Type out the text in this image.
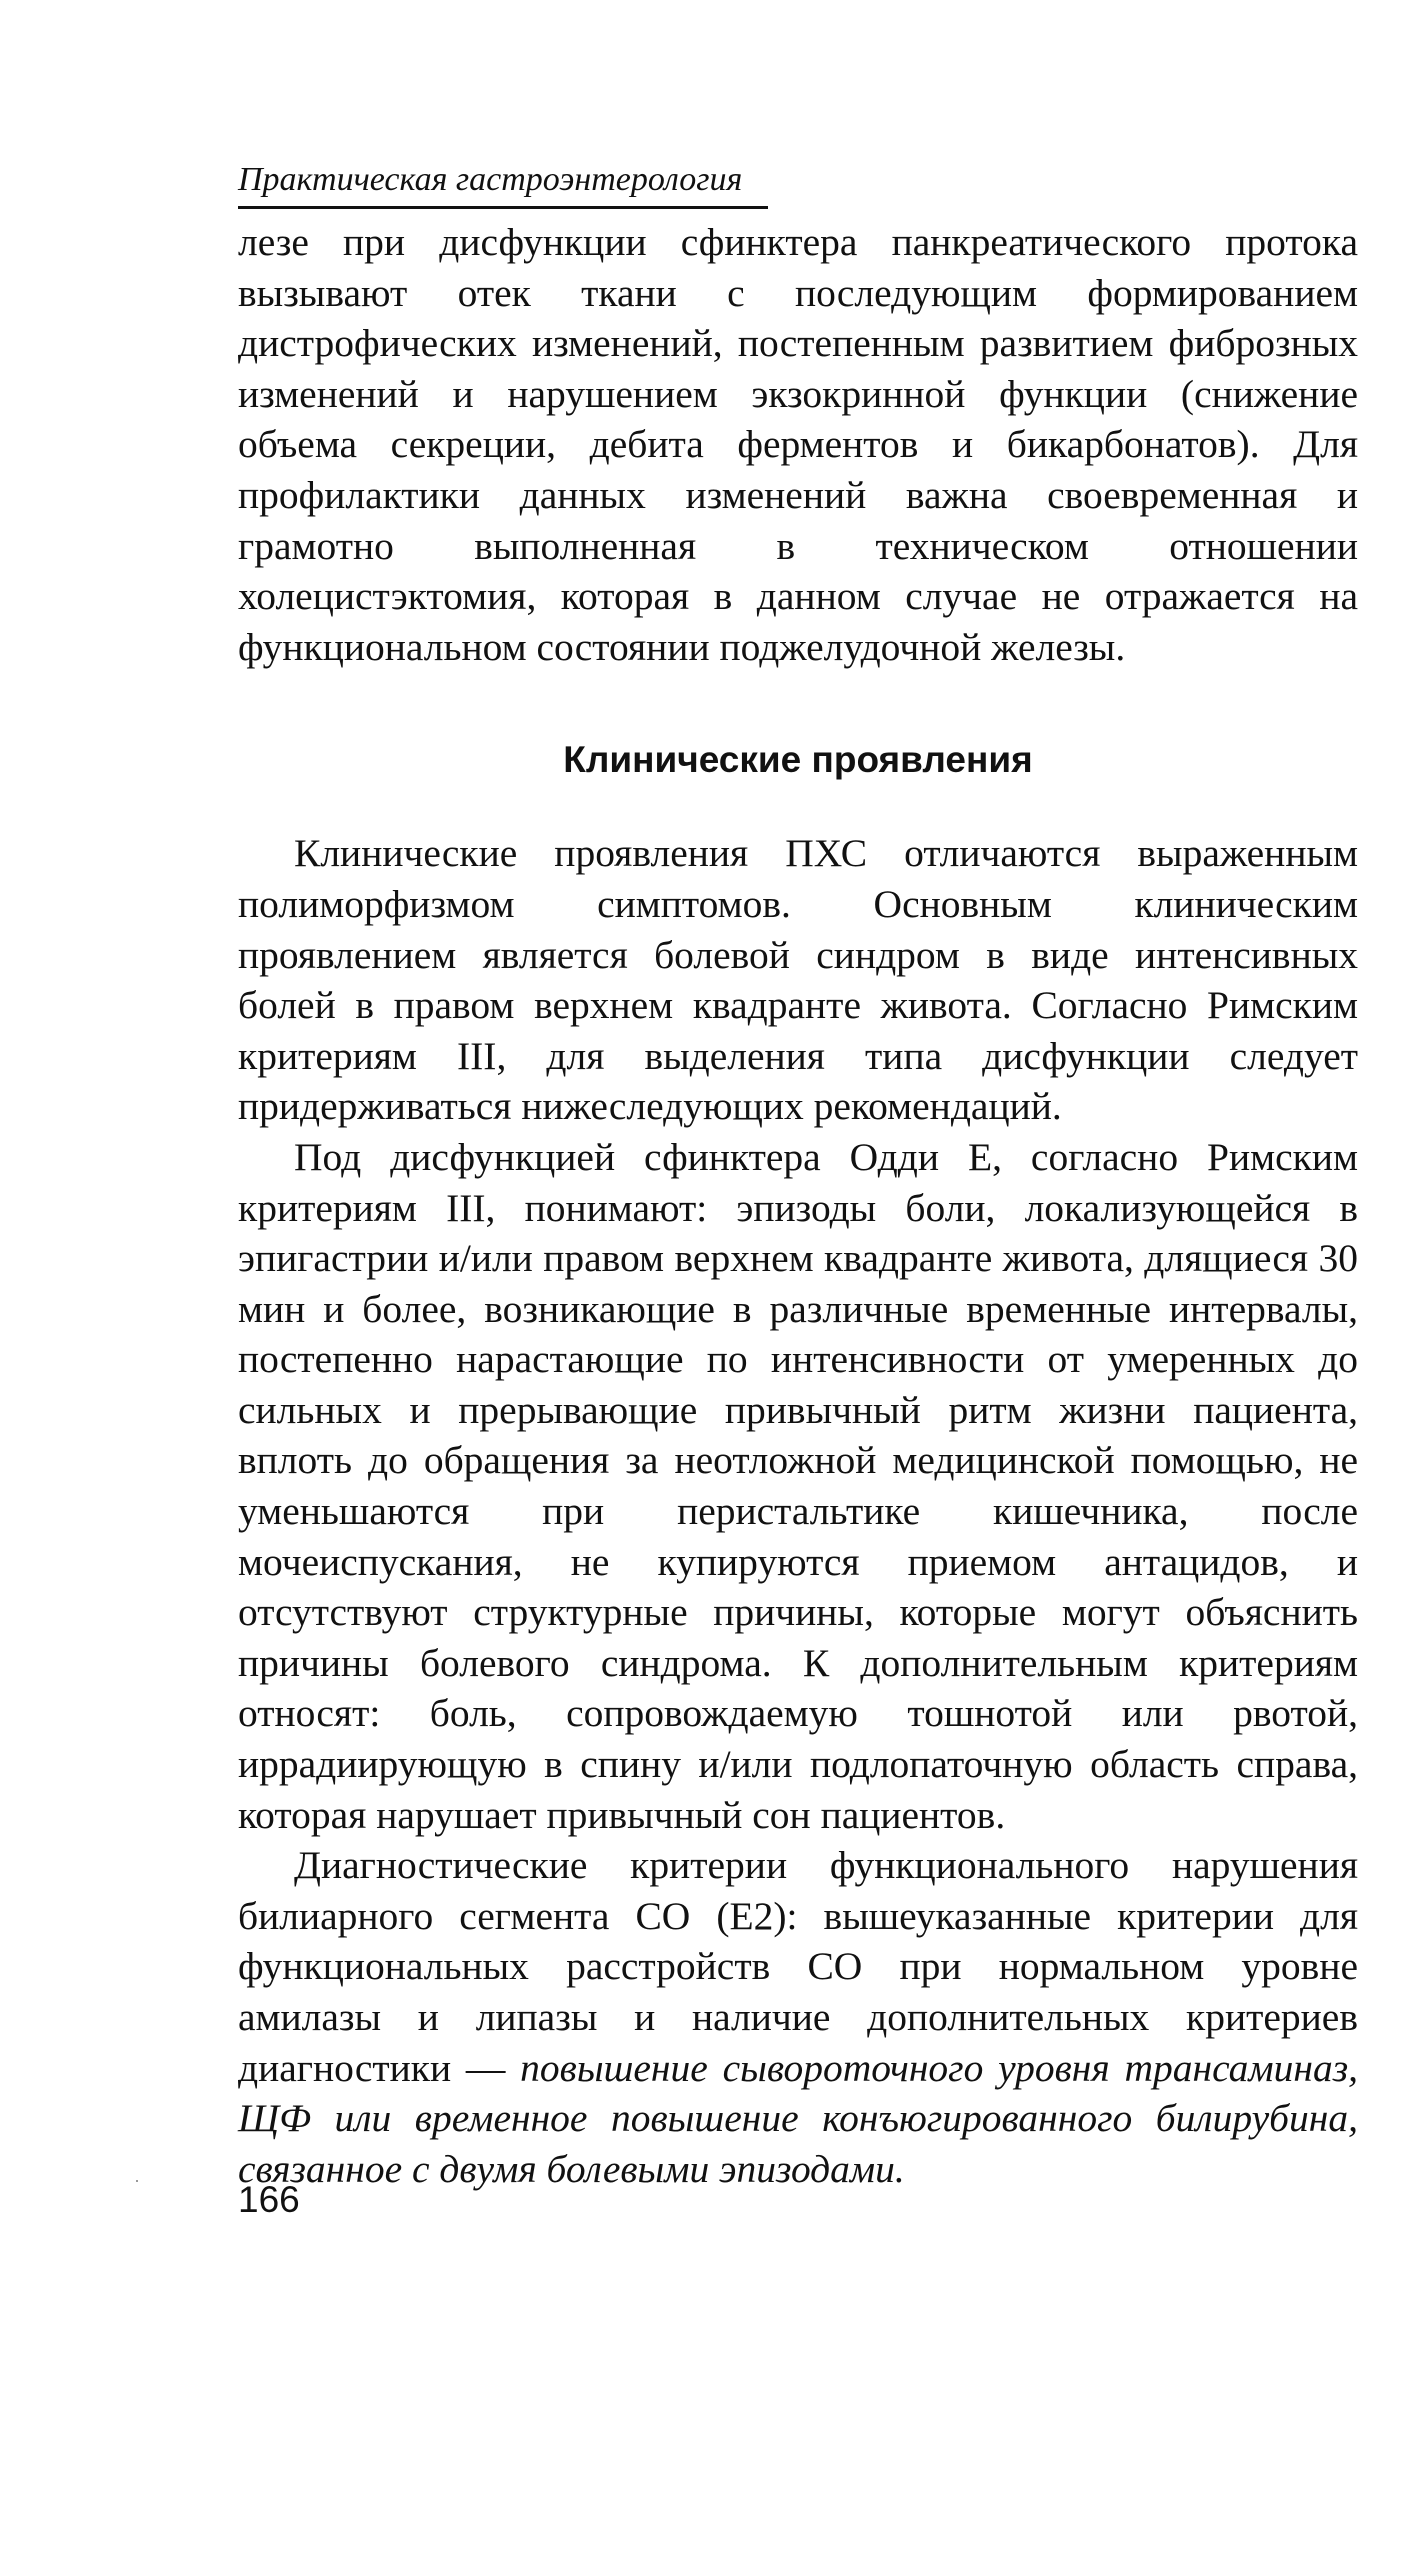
Практическая гастроэнтерология

лезе при дисфункции сфинктера панкреатического протока вызывают отек ткани с последующим формированием дистрофических изменений, постепенным развитием фиброзных изменений и нарушением экзокринной функции (снижение объема секреции, дебита ферментов и бикарбонатов). Для профилактики данных изменений важна своевременная и грамотно выполненная в техническом отношении холецистэктомия, которая в данном случае не отражается на функциональном состоянии поджелудочной железы.

Клинические проявления

Клинические проявления ПХС отличаются выраженным полиморфизмом симптомов. Основным клиническим проявлением является болевой синдром в виде интенсивных болей в правом верхнем квадранте живота. Согласно Римским критериям III, для выделения типа дисфункции следует придерживаться нижеследующих рекомендаций.

Под дисфункцией сфинктера Одди Е, согласно Римским критериям III, понимают: эпизоды боли, локализующейся в эпигастрии и/или правом верхнем квадранте живота, длящиеся 30 мин и более, возникающие в различные временные интервалы, постепенно нарастающие по интенсивности от умеренных до сильных и прерывающие привычный ритм жизни пациента, вплоть до обращения за неотложной медицинской помощью, не уменьшаются при перистальтике кишечника, после мочеиспускания, не купируются приемом антацидов, и отсутствуют структурные причины, которые могут объяснить причины болевого синдрома. К дополнительным критериям относят: боль, сопровождаемую тошнотой или рвотой, иррадиирующую в спину и/или подлопаточную область справа, которая нарушает привычный сон пациентов.

Диагностические критерии функционального нарушения билиарного сегмента СО (Е2): вышеуказанные критерии для функциональных расстройств СО при нормальном уровне амилазы и липазы и наличие дополнительных критериев диагностики — повышение сывороточного уровня трансаминаз, ЩФ или временное повышение конъюгированного билирубина, связанное с двумя болевыми эпизодами.

166
